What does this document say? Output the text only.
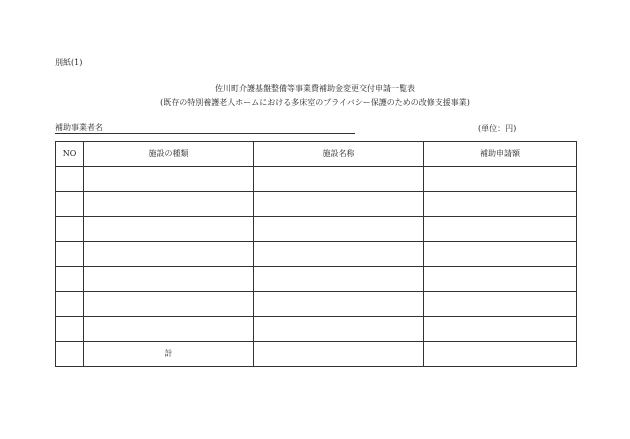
別紙(1)
佐川町介護基盤整備等事業費補助金変更交付申請一覧表
(既存の特別養護老人ホームにおける多床室のプライバシー保護のための改修支援事業)
補助事業者名	(単位：円)
NO	施設の種類	施設名称	補助申請額

	計		
